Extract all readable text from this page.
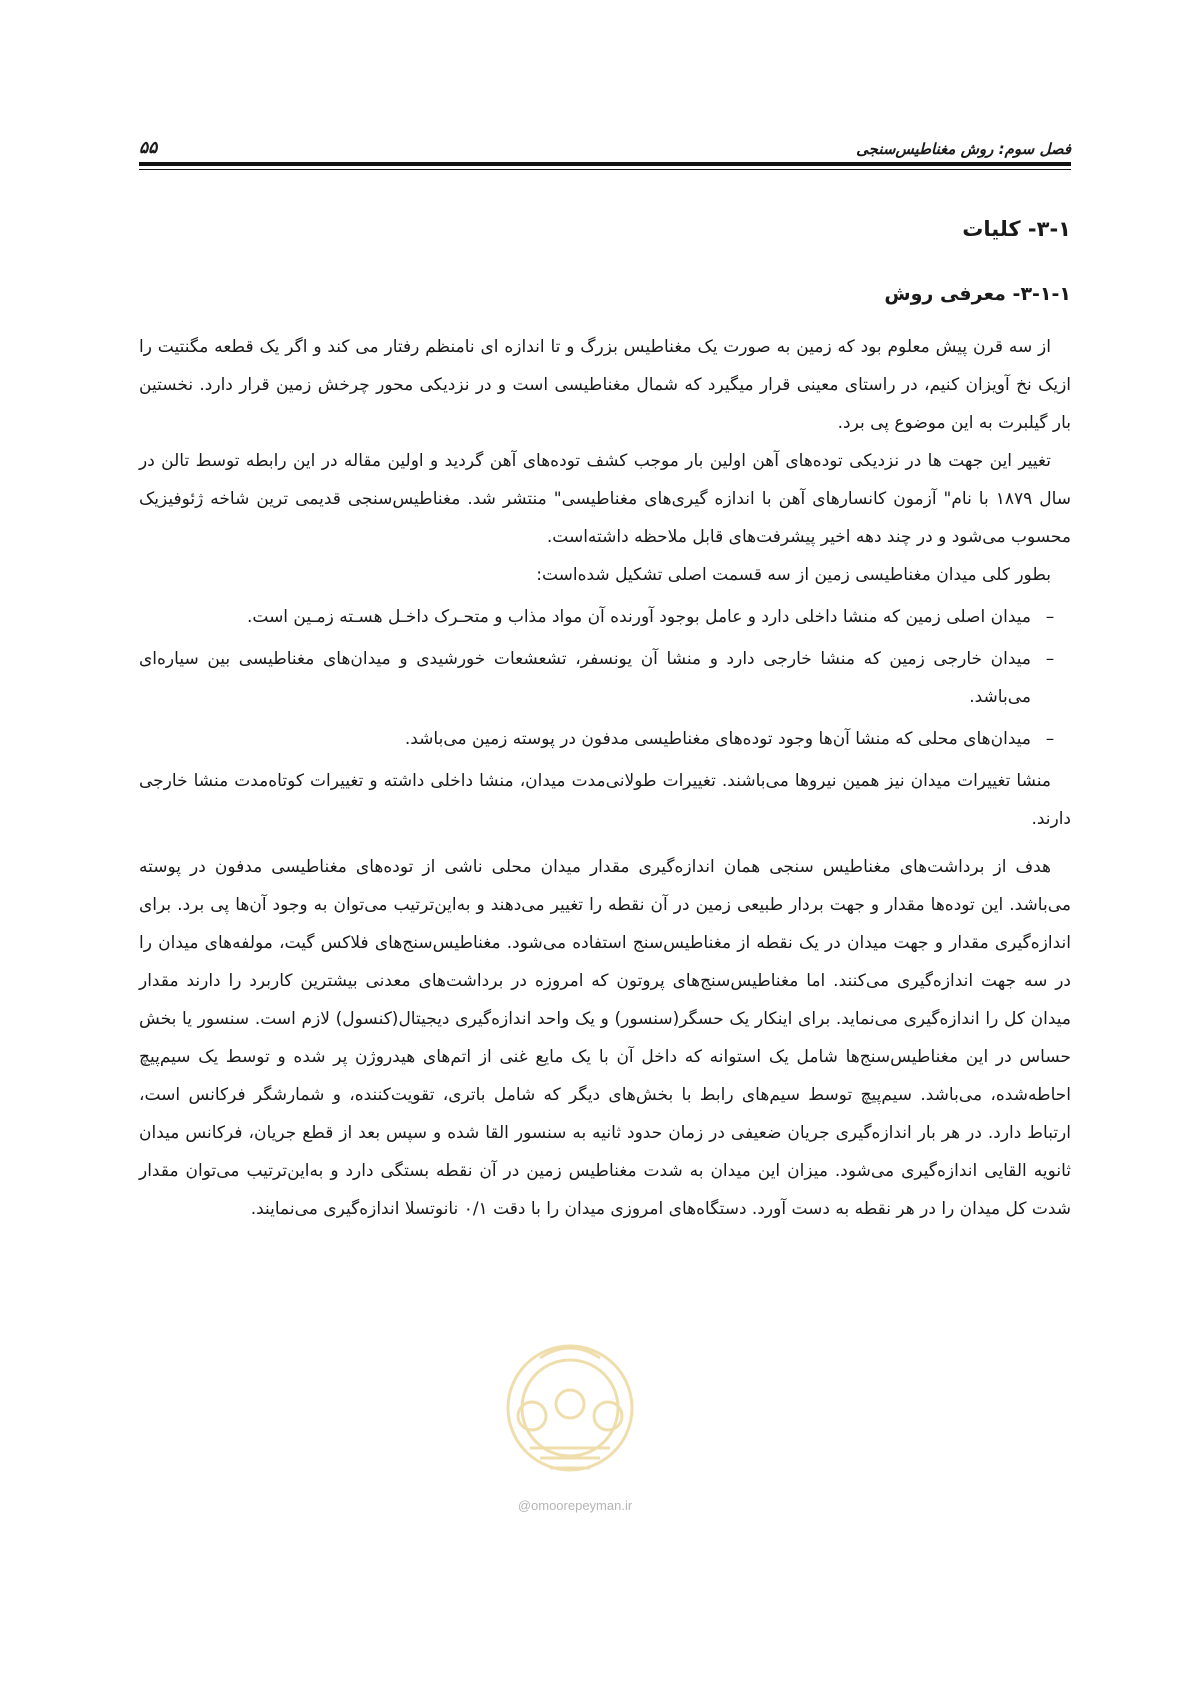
فصل سوم: روش مغناطیس‌سنجی
۵۵
۳-۱- کلیات
۳-۱-۱- معرفی روش

از سه قرن پیش معلوم بود که زمین به صورت یک مغناطیس بزرگ و تا اندازه ای نامنظم رفتار می کند و اگر یک قطعه مگنتیت را ازیک نخ آویزان کنیم، در راستای معینی قرار میگیرد که شمال مغناطیسی است و در نزدیکی محور چرخش زمین قرار دارد. نخستین بار گیلبرت به این موضوع پی برد.

تغییر این جهت ها در نزدیکی توده‌های آهن اولین بار موجب کشف توده‌های آهن گردید و اولین مقاله در این رابطه توسط تالن در سال ۱۸۷۹ با نام" آزمون کانسارهای آهن با اندازه گیری‌های مغناطیسی" منتشر شد. مغناطیس‌سنجی قدیمی ترین شاخه ژئوفیزیک محسوب می‌شود و در چند دهه اخیر پیشرفت‌های قابل ملاحظه داشته‌است.

بطور کلی میدان مغناطیسی زمین از سه قسمت اصلی تشکیل شده‌است:

–
میدان اصلی زمین که منشا داخلی دارد و عامل بوجود آورنده آن مواد مذاب و متحـرک داخـل هسـته زمـین است.
–
میدان خارجی زمین که منشا خارجی دارد و منشا آن یونسفر، تشعشعات خورشیدی و میدان‌های مغناطیسی بین سیاره‌ای می‌باشد.
–
میدان‌های محلی که منشا آن‌ها وجود توده‌های مغناطیسی مدفون در پوسته زمین می‌باشد.

منشا تغییرات میدان نیز همین نیروها می‌باشند. تغییرات طولانی‌مدت میدان، منشا داخلی داشته و تغییرات کوتاه‌مدت منشا خارجی دارند.

هدف از برداشت‌های مغناطیس سنجی همان اندازه‌گیری مقدار میدان محلی ناشی از توده‌های مغناطیسی مدفون در پوسته می‌باشد. این توده‌ها مقدار و جهت بردار طبیعی زمین در آن نقطه را تغییر می‌دهند و به‌این‌ترتیب می‌توان به وجود آن‌ها پی برد. برای اندازه‌گیری مقدار و جهت میدان در یک نقطه از مغناطیس‌سنج استفاده می‌شود. مغناطیس‌سنج‌های فلاکس گیت، مولفه‌های میدان را در سه جهت اندازه‌گیری می‌کنند. اما مغناطیس‌سنج‌های پروتون که امروزه در برداشت‌های معدنی بیشترین کاربرد را دارند مقدار میدان کل را اندازه‌گیری می‌نماید. برای اینکار یک حسگر(سنسور) و یک واحد اندازه‌گیری دیجیتال(کنسول) لازم است. سنسور یا بخش حساس در این مغناطیس‌سنج‌ها شامل یک استوانه که داخل آن با یک مایع غنی از اتم‌های هیدروژن پر شده و توسط یک سیم‌پیچ احاطه‌شده، می‌باشد. سیم‌پیچ توسط سیم‌های رابط با بخش‌های دیگر که شامل باتری، تقویت‌کننده، و شمارشگر فرکانس است، ارتباط دارد. در هر بار اندازه‌گیری جریان ضعیفی در زمان حدود ثانیه به سنسور القا شده و سپس بعد از قطع جریان، فرکانس میدان ثانویه القایی اندازه‌گیری می‌شود. میزان این میدان به شدت مغناطیس زمین در آن نقطه بستگی دارد و به‌این‌ترتیب می‌توان مقدار شدت کل میدان را در هر نقطه به دست آورد. دستگاه‌های امروزی میدان را با دقت ۰/۱ نانوتسلا اندازه‌گیری می‌نمایند.

@omoorepeyman.ir
